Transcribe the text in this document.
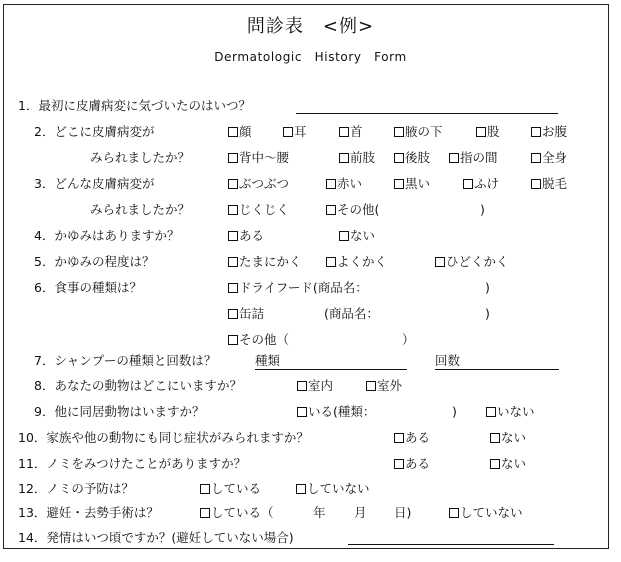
問診表　<例>
Dermatologic　History　Form
1．最初に皮膚病変に気づいたのはいつ？
2．どこに皮膚病変が
みられましたか？
顔	耳	首	腋の下	股	お腹
背中〜腰	前肢	後肢	指の間	全身
3．どんな皮膚病変が
みられましたか？
ぶつぶつ	赤い	黒い	ふけ	脱毛
じくじく	その他(	)
4．かゆみはありますか？	ある	ない
5．かゆみの程度は？	たまにかく	よくかく	ひどくかく
6．食事の種類は？	ドライフード(商品名：	)
缶詰	(商品名：	)
その他（	）
7．シャンプーの種類と回数は？	種類	回数
8．あなたの動物はどこにいますか？	室内	室外
9．他に同居動物はいますか？	いる(種類：	)	いない
10．家族や他の動物にも同じ症状がみられますか？	ある	ない
11．ノミをみつけたことがありますか？	ある	ない
12．ノミの予防は？	している	していない
13．避妊・去勢手術は？	している（	年 月 日)	していない
14．発情はいつ頃ですか？(避妊していない場合)
